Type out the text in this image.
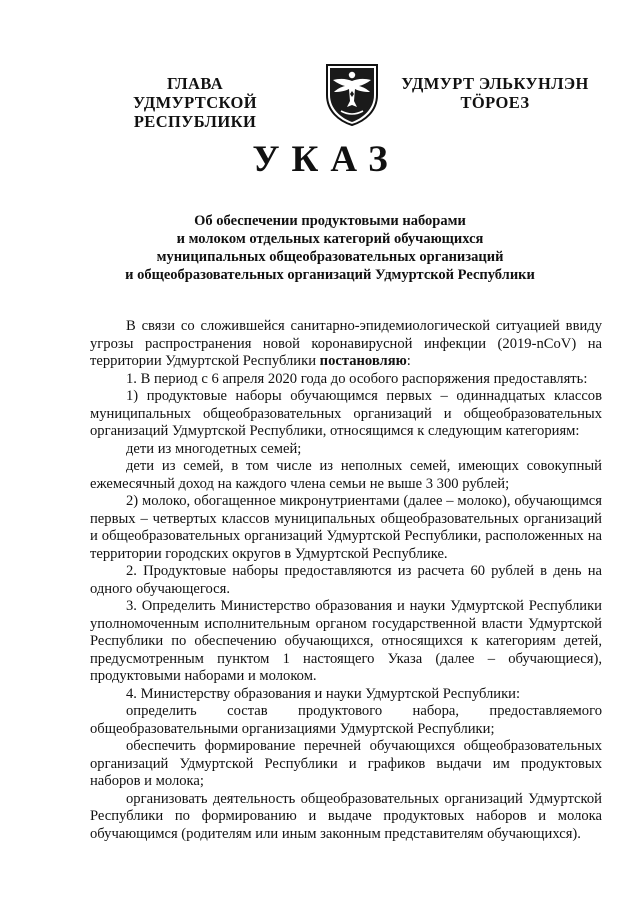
ГЛАВА
УДМУРТСКОЙ РЕСПУБЛИКИ
УДМУРТ ЭЛЬКУНЛЭН
ТӦРОЕЗ
УКАЗ
Об обеспечении продуктовыми наборами
и молоком отдельных категорий обучающихся
муниципальных общеобразовательных организаций
и общеобразовательных организаций Удмуртской Республики

В связи со сложившейся санитарно-эпидемиологической ситуацией ввиду угрозы распространения новой коронавирусной инфекции (2019-nCoV) на территории Удмуртской Республики постановляю:

1. В период с 6 апреля 2020 года до особого распоряжения предоставлять:

1) продуктовые наборы обучающимся первых – одиннадцатых классов муниципальных общеобразовательных организаций и общеобразовательных организаций Удмуртской Республики, относящимся к следующим категориям:

дети из многодетных семей;

дети из семей, в том числе из неполных семей, имеющих совокупный ежемесячный доход на каждого члена семьи не выше 3 300 рублей;

2) молоко, обогащенное микронутриентами (далее – молоко), обучающимся первых – четвертых классов муниципальных общеобразовательных организаций и общеобразовательных организаций Удмуртской Республики, расположенных на территории городских округов в Удмуртской Республике.

2. Продуктовые наборы предоставляются из расчета 60 рублей в день на одного обучающегося.

3. Определить Министерство образования и науки Удмуртской Республики уполномоченным исполнительным органом государственной власти Удмуртской Республики по обеспечению обучающихся, относящихся к категориям детей, предусмотренным пунктом 1 настоящего Указа (далее – обучающиеся), продуктовыми наборами и молоком.

4. Министерству образования и науки Удмуртской Республики:

определить состав продуктового набора, предоставляемого общеобразовательными организациями Удмуртской Республики;

обеспечить формирование перечней обучающихся общеобразовательных организаций Удмуртской Республики и графиков выдачи им продуктовых наборов и молока;

организовать деятельность общеобразовательных организаций Удмуртской Республики по формированию и выдаче продуктовых наборов и молока обучающимся (родителям или иным законным представителям обучающихся).
